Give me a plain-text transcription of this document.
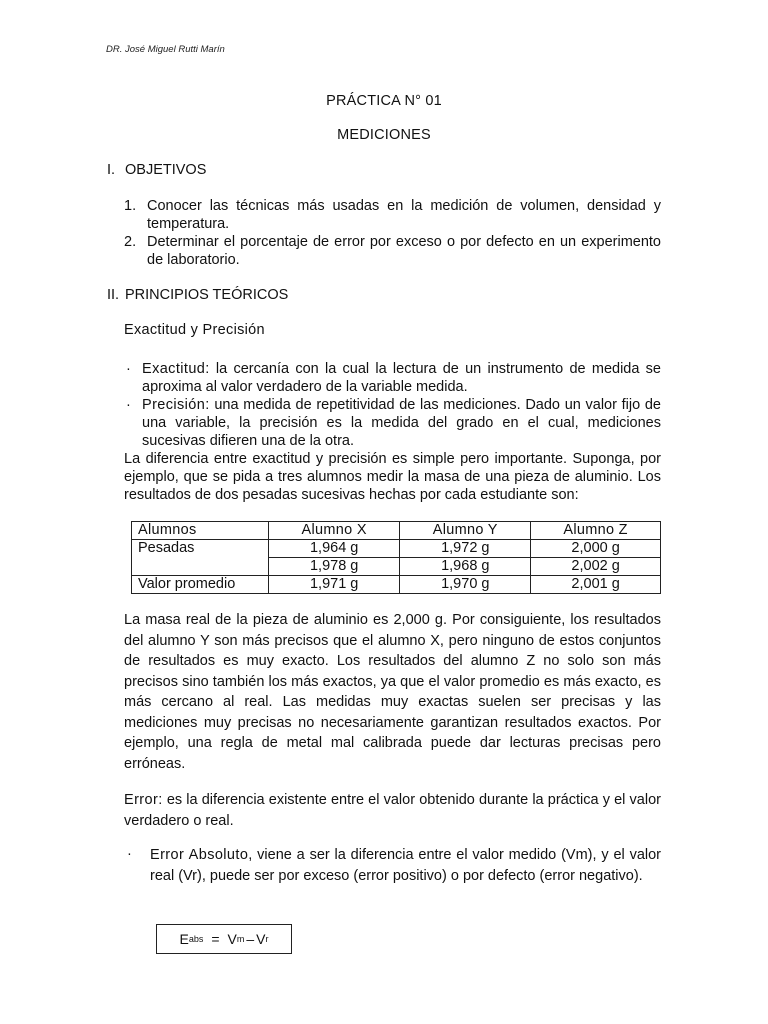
DR. José Miguel Rutti Marín
PRÁCTICA N° 01
MEDICIONES
I. OBJETIVOS

1. Conocer las técnicas más usadas en la medición de volumen, densidad y temperatura.

2. Determinar el porcentaje de error por exceso o por defecto en un experimento de laboratorio.

II. PRINCIPIOS TEÓRICOS
Exactitud y Precisión
· Exactitud: la cercanía con la cual la lectura de un instrumento de medida se aproxima al valor verdadero de la variable medida.
· Precisión: una medida de repetitividad de las mediciones. Dado un valor fijo de una variable, la precisión es la medida del grado en el cual, mediciones sucesivas difieren una de la otra.
La diferencia entre exactitud y precisión es simple pero importante. Suponga, por ejemplo, que se pida a tres alumnos medir la masa de una pieza de aluminio. Los resultados de dos pesadas sucesivas hechas por cada estudiante son:
Alumnos	Alumno X	Alumno Y	Alumno Z
Pesadas	1,964 g	1,972 g	2,000 g
	1,978 g	1,968 g	2,002 g
Valor promedio	1,971 g	1,970 g	2,001 g
La masa real de la pieza de aluminio es 2,000 g. Por consiguiente, los resultados del alumno Y son más precisos que el alumno X, pero ninguno de estos conjuntos de resultados es muy exacto. Los resultados del alumno Z no solo son más precisos sino también los más exactos, ya que el valor promedio es más exacto, es más cercano al real. Las medidas muy exactas suelen ser precisas y las mediciones muy precisas no necesariamente garantizan resultados exactos. Por ejemplo, una regla de metal mal calibrada puede dar lecturas precisas pero erróneas.
Error: es la diferencia existente entre el valor obtenido durante la práctica y el valor verdadero o real.
·	Error Absoluto, viene a ser la diferencia entre el valor medido (Vm), y el valor real (Vr), puede ser por exceso (error positivo) o por defecto (error negativo).
E abs = V m – V r
